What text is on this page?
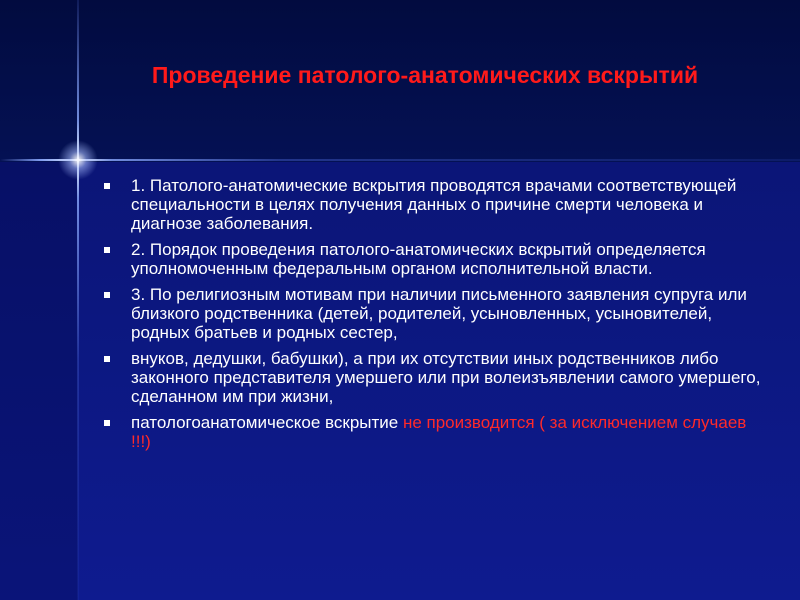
Проведение патолого-анатомических вскрытий
1. Патолого-анатомические вскрытия проводятся врачами соответствующей специальности в целях получения данных о причине смерти человека и диагнозе заболевания.
2. Порядок проведения патолого-анатомических вскрытий определяется уполномоченным федеральным органом исполнительной власти.
3. По религиозным мотивам при наличии письменного заявления супруга или близкого родственника (детей, родителей, усыновленных, усыновителей, родных братьев и родных сестер,
внуков, дедушки, бабушки), а при их отсутствии иных родственников либо законного представителя умершего или при волеизъявлении самого умершего, сделанном им при жизни,
патологоанатомическое вскрытие не производится ( за исключением случаев !!!)
